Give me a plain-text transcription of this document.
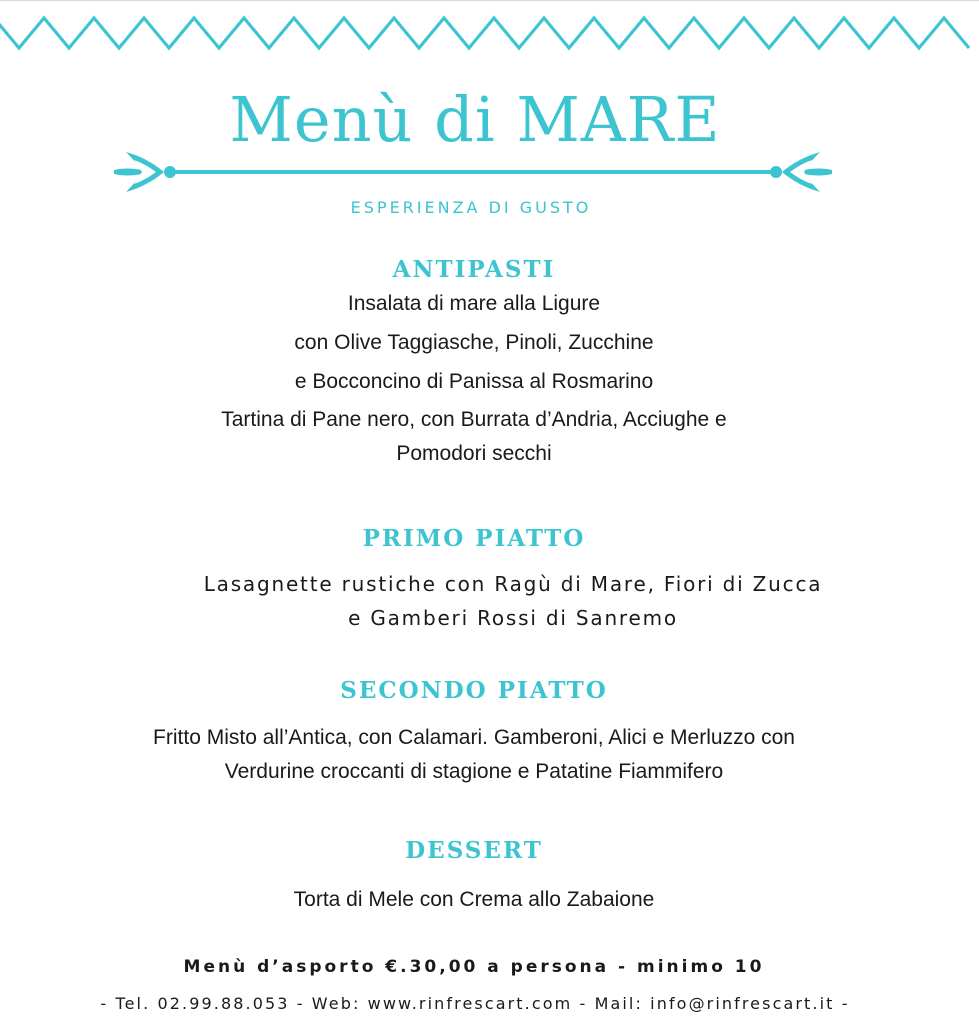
Menù di MARE
ESPERIENZA DI GUSTO
ANTIPASTI
Insalata di mare alla Ligure
con Olive Taggiasche, Pinoli, Zucchine
e Bocconcino di Panissa al Rosmarino
Tartina di Pane nero, con Burrata d’Andria, Acciughe e
Pomodori secchi
PRIMO PIATTO
Lasagnette rustiche con Ragù di Mare, Fiori di Zucca
e Gamberi Rossi di Sanremo
SECONDO PIATTO
Fritto Misto all’Antica, con Calamari. Gamberoni, Alici e Merluzzo con
Verdurine croccanti di stagione e Patatine Fiammifero
DESSERT
Torta di Mele con Crema allo Zabaione
Menù d’asporto €.30,00 a persona - minimo 10
- Tel. 02.99.88.053 - Web: www.rinfrescart.com - Mail: info@rinfrescart.it -
